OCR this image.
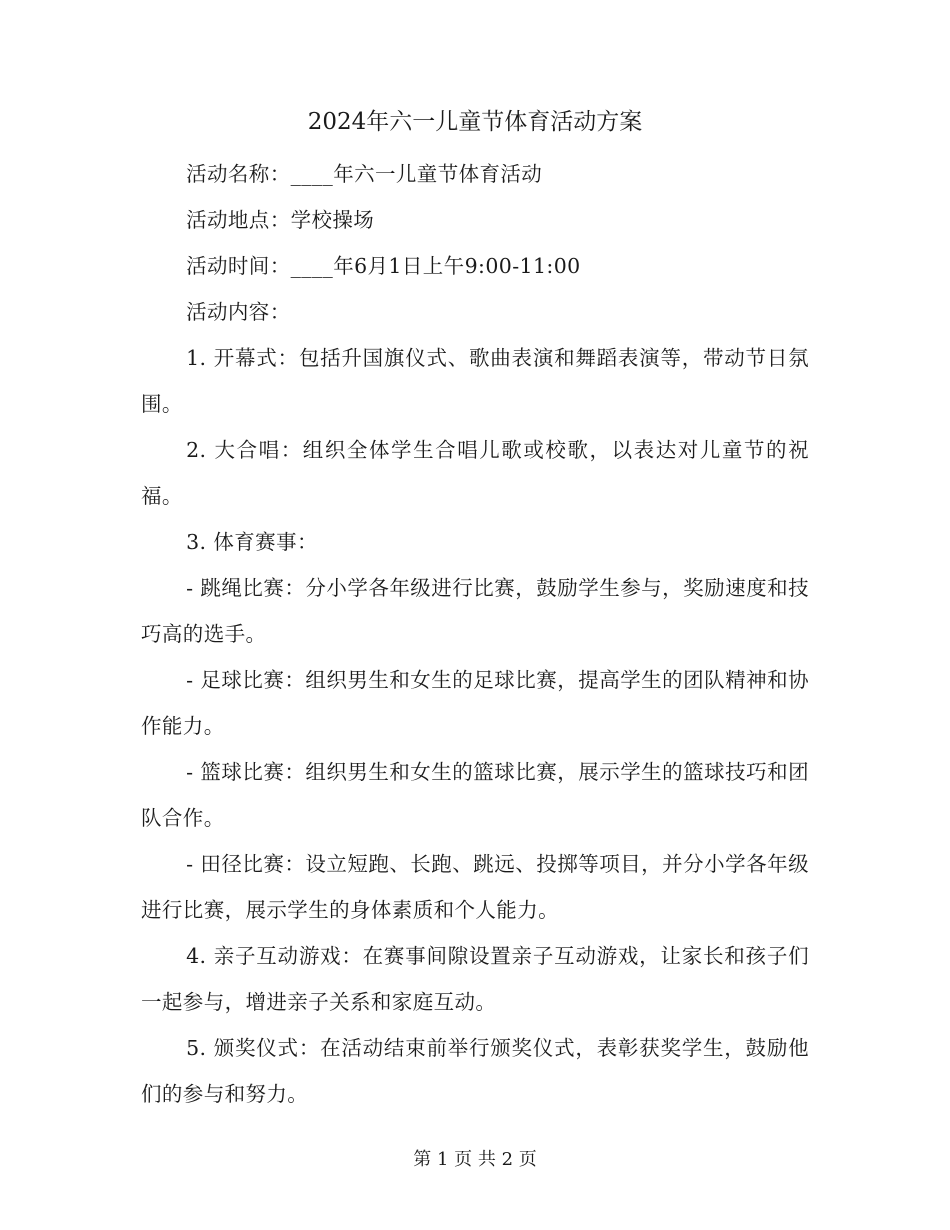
2024年六一儿童节体育活动方案

活动名称：____年六一儿童节体育活动

活动地点：学校操场

活动时间：____年6月1日上午9:00-11:00

活动内容：

1. 开幕式：包括升国旗仪式、歌曲表演和舞蹈表演等，带动节日氛围。

2. 大合唱：组织全体学生合唱儿歌或校歌，以表达对儿童节的祝福。

3. 体育赛事：

- 跳绳比赛：分小学各年级进行比赛，鼓励学生参与，奖励速度和技巧高的选手。

- 足球比赛：组织男生和女生的足球比赛，提高学生的团队精神和协作能力。

- 篮球比赛：组织男生和女生的篮球比赛，展示学生的篮球技巧和团队合作。

- 田径比赛：设立短跑、长跑、跳远、投掷等项目，并分小学各年级进行比赛，展示学生的身体素质和个人能力。

4. 亲子互动游戏：在赛事间隙设置亲子互动游戏，让家长和孩子们一起参与，增进亲子关系和家庭互动。

5. 颁奖仪式：在活动结束前举行颁奖仪式，表彰获奖学生，鼓励他们的参与和努力。

第 1 页 共 2 页
